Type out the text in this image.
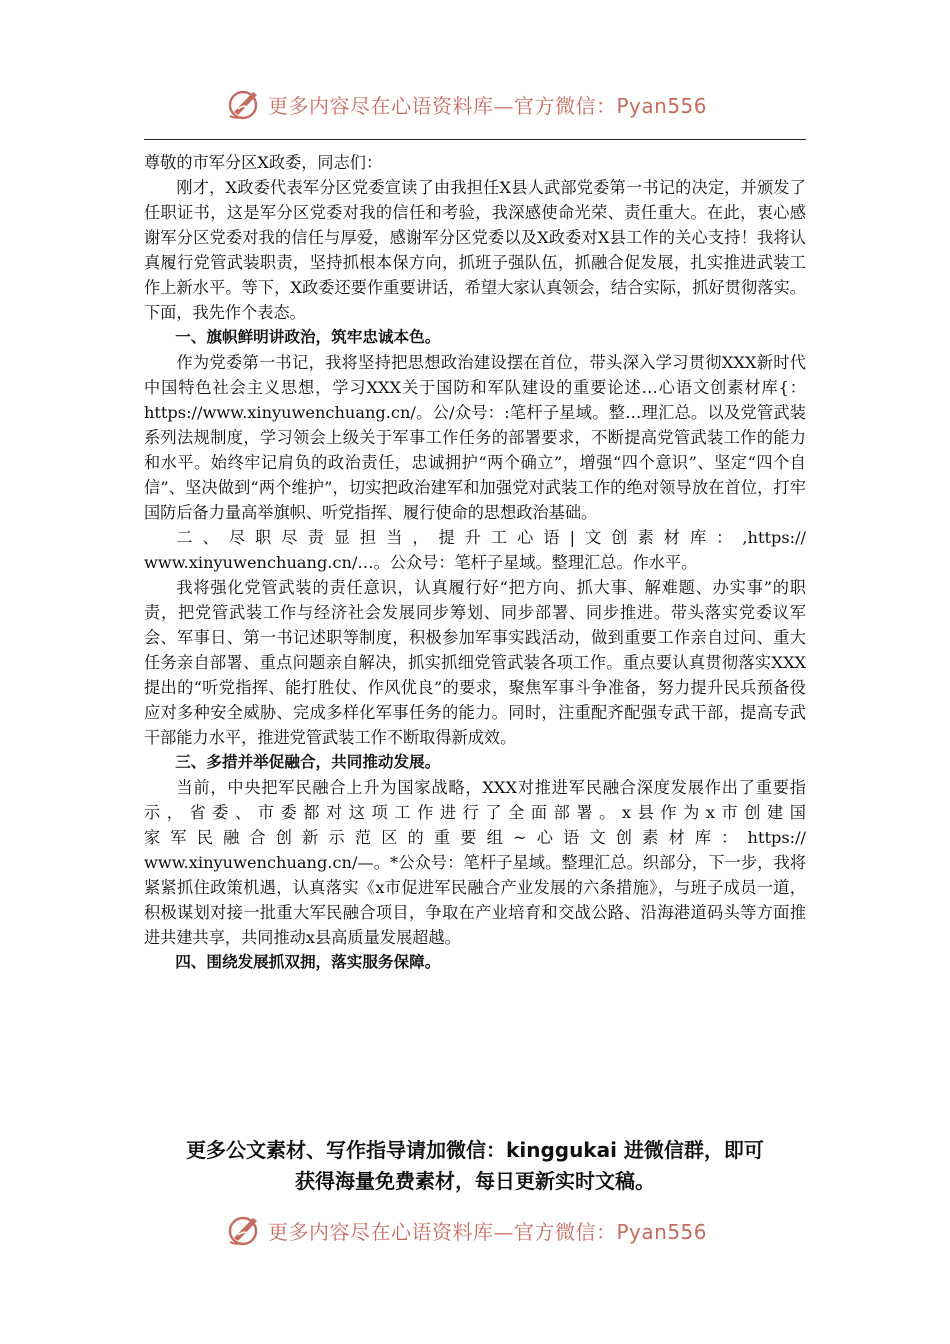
更多内容尽在心语资料库—官方微信：Pyan556

尊敬的市军分区X政委，同志们：

刚才，X政委代表军分区党委宣读了由我担任X县人武部党委第一书记的决定，并颁发了任职证书，这是军分区党委对我的信任和考验，我深感使命光荣、责任重大。在此，衷心感谢军分区党委对我的信任与厚爱，感谢军分区党委以及X政委对X县工作的关心支持！我将认真履行党管武装职责，坚持抓根本保方向，抓班子强队伍，抓融合促发展，扎实推进武装工作上新水平。等下，X政委还要作重要讲话，希望大家认真领会，结合实际，抓好贯彻落实。下面，我先作个表态。

一、旗帜鲜明讲政治，筑牢忠诚本色。

作为党委第一书记，我将坚持把思想政治建设摆在首位，带头深入学习贯彻XXX新时代中国特色社会主义思想，学习XXX关于国防和军队建设的重要论述…心语文创素材库{：https://www.xinyuwenchuang.cn/。公/众号：:笔杆子星域。整…理汇总。以及党管武装系列法规制度，学习领会上级关于军事工作任务的部署要求，不断提高党管武装工作的能力和水平。始终牢记肩负的政治责任，忠诚拥护“两个确立”，增强“四个意识”、坚定“四个自信”、坚决做到“两个维护”，切实把政治建军和加强党对武装工作的绝对领导放在首位，打牢国防后备力量高举旗帜、听党指挥、履行使命的思想政治基础。

二、尽职尽责显担当，提升工心语|文创素材库：,https://

www.xinyuwenchuang.cn/…。公众号：笔杆子星域。整理汇总。作水平。

我将强化党管武装的责任意识，认真履行好“把方向、抓大事、解难题、办实事”的职责，把党管武装工作与经济社会发展同步筹划、同步部署、同步推进。带头落实党委议军会、军事日、第一书记述职等制度，积极参加军事实践活动，做到重要工作亲自过问、重大任务亲自部署、重点问题亲自解决，抓实抓细党管武装各项工作。重点要认真贯彻落实XXX提出的“听党指挥、能打胜仗、作风优良”的要求，聚焦军事斗争准备，努力提升民兵预备役应对多种安全威胁、完成多样化军事任务的能力。同时，注重配齐配强专武干部，提高专武干部能力水平，推进党管武装工作不断取得新成效。

三、多措并举促融合，共同推动发展。

当前，中央把军民融合上升为国家战略，XXX对推进军民融合深度发展作出了重要指示，省委、市委都对这项工作进行了全面部署。x县作为x市创建国

家军民融合创新示范区的重要组~心语文创素材库：https://

www.xinyuwenchuang.cn/—。*公众号：笔杆子星域。整理汇总。织部分，下一步，我将紧紧抓住政策机遇，认真落实《x市促进军民融合产业发展的六条措施》，与班子成员一道，积极谋划对接一批重大军民融合项目，争取在产业培育和交战公路、沿海港道码头等方面推进共建共享，共同推动x县高质量发展超越。

四、围绕发展抓双拥，落实服务保障。

更多公文素材、写作指导请加微信：kinggukai 进微信群，即可
获得海量免费素材，每日更新实时文稿。
更多内容尽在心语资料库—官方微信：Pyan556
